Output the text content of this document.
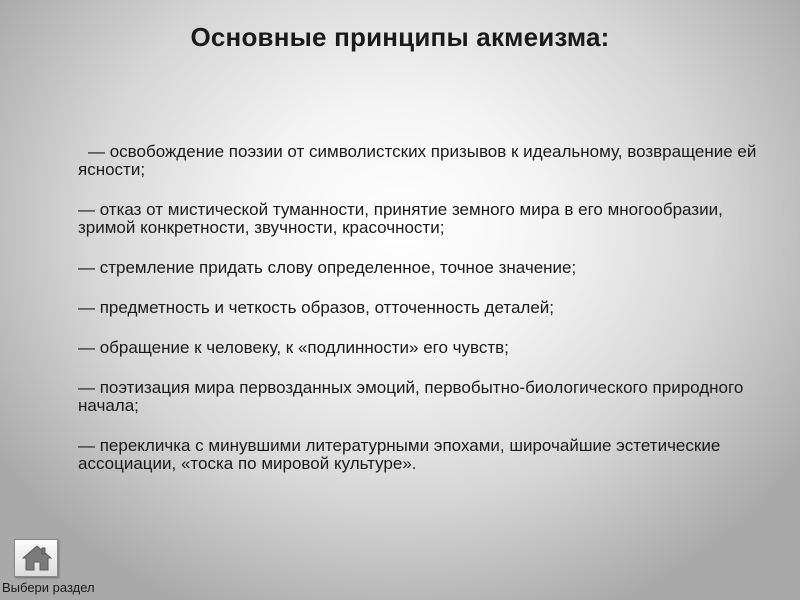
Основные принципы акмеизма:
— освобождение поэзии от символистских призывов к идеальному, возвращение ей ясности;
— отказ от мистической туманности, принятие земного мира в его многообразии, зримой конкретности, звучности, красочности;
— стремление придать слову определенное, точное значение;
— предметность и четкость образов, отточенность деталей;
— обращение к человеку, к «подлинности» его чувств;
— поэтизация мира первозданных эмоций, первобытно-биологического природного начала;
— перекличка с минувшими литературными эпохами, широчайшие эстетические ассоциации, «тоска по мировой культуре».
Выбери раздел
